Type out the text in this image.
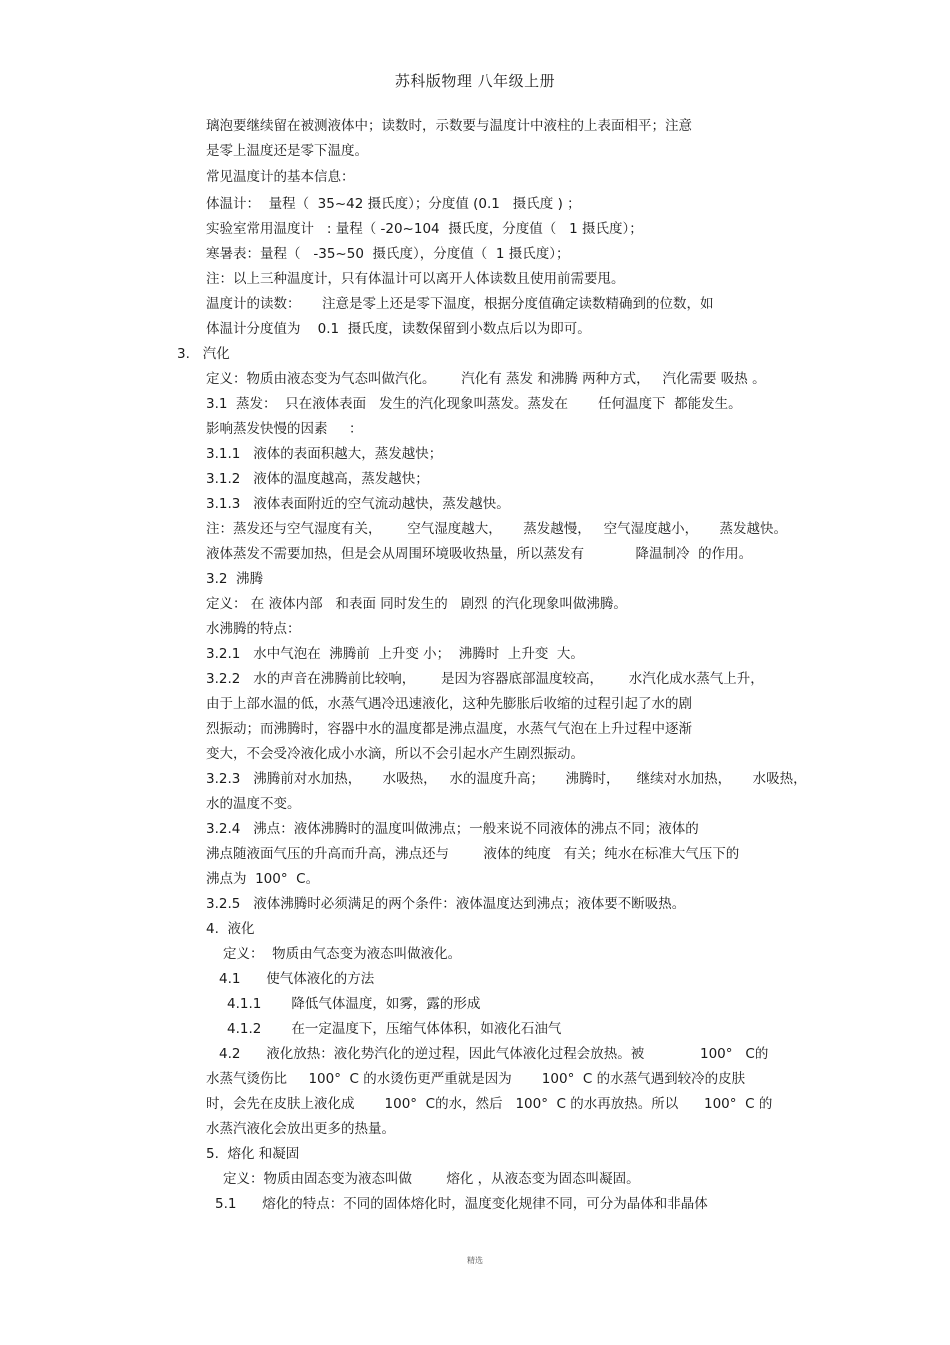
苏科版物理 八年级上册
璃泡要继续留在被测液体中；读数时，示数要与温度计中液柱的上表面相平；注意
是零上温度还是零下温度。
常见温度计的基本信息：
体温计：  量程（  35~42 摄氏度）；分度值 (0.1   摄氏度 ) ；
实验室常用温度计   : 量程（ -20~104  摄氏度，分度值（   1 摄氏度）；
寒暑表：量程（   -35~50  摄氏度），分度值（  1 摄氏度）；
注：以上三种温度计，只有体温计可以离开人体读数且使用前需要甩。
温度计的读数：     注意是零上还是零下温度，根据分度值确定读数精确到的位数，如
体温计分度值为    0.1  摄氏度，读数保留到小数点后以为即可。
3.   汽化
定义：物质由液态变为气态叫做汽化。      汽化有 蒸发 和沸腾 两种方式，   汽化需要 吸热 。
3.1  蒸发：  只在液体表面   发生的汽化现象叫蒸发。蒸发在       任何温度下  都能发生。
影响蒸发快慢的因素     ：
3.1.1   液体的表面积越大，蒸发越快；
3.1.2   液体的温度越高，蒸发越快；
3.1.3   液体表面附近的空气流动越快，蒸发越快。
注：蒸发还与空气湿度有关，      空气湿度越大，     蒸发越慢，   空气湿度越小，     蒸发越快。
液体蒸发不需要加热，但是会从周围环境吸收热量，所以蒸发有            降温制冷  的作用。
3.2  沸腾
定义： 在 液体内部   和表面 同时发生的   剧烈 的汽化现象叫做沸腾。
水沸腾的特点：
3.2.1   水中气泡在  沸腾前  上升变 小；  沸腾时  上升变  大。
3.2.2   水的声音在沸腾前比较响，      是因为容器底部温度较高，      水汽化成水蒸气上升，
由于上部水温的低，水蒸气遇冷迅速液化，这种先膨胀后收缩的过程引起了水的剧
烈振动；而沸腾时，容器中水的温度都是沸点温度，水蒸气气泡在上升过程中逐渐
变大，不会受冷液化成小水滴，所以不会引起水产生剧烈振动。
3.2.3   沸腾前对水加热，     水吸热，   水的温度升高；     沸腾时，    继续对水加热，     水吸热，
水的温度不变。
3.2.4   沸点：液体沸腾时的温度叫做沸点；一般来说不同液体的沸点不同；液体的
沸点随液面气压的升高而升高，沸点还与        液体的纯度   有关；纯水在标准大气压下的
沸点为  100°  C。
3.2.5   液体沸腾时必须满足的两个条件：液体温度达到沸点；液体要不断吸热。
4.  液化
定义：  物质由气态变为液态叫做液化。
4.1      使气体液化的方法
4.1.1       降低气体温度，如雾，露的形成
4.1.2       在一定温度下，压缩气体体积，如液化石油气
4.2      液化放热：液化势汽化的逆过程，因此气体液化过程会放热。被             100°   C的
水蒸气烫伤比     100°  C 的水烫伤更严重就是因为       100°  C 的水蒸气遇到较冷的皮肤
时，会先在皮肤上液化成       100°  C的水，然后   100°  C 的水再放热。所以      100°  C 的
水蒸汽液化会放出更多的热量。
5.  熔化 和凝固
定义：物质由固态变为液态叫做        熔化 ，从液态变为固态叫凝固。
5.1      熔化的特点：不同的固体熔化时，温度变化规律不同，可分为晶体和非晶体
精选
